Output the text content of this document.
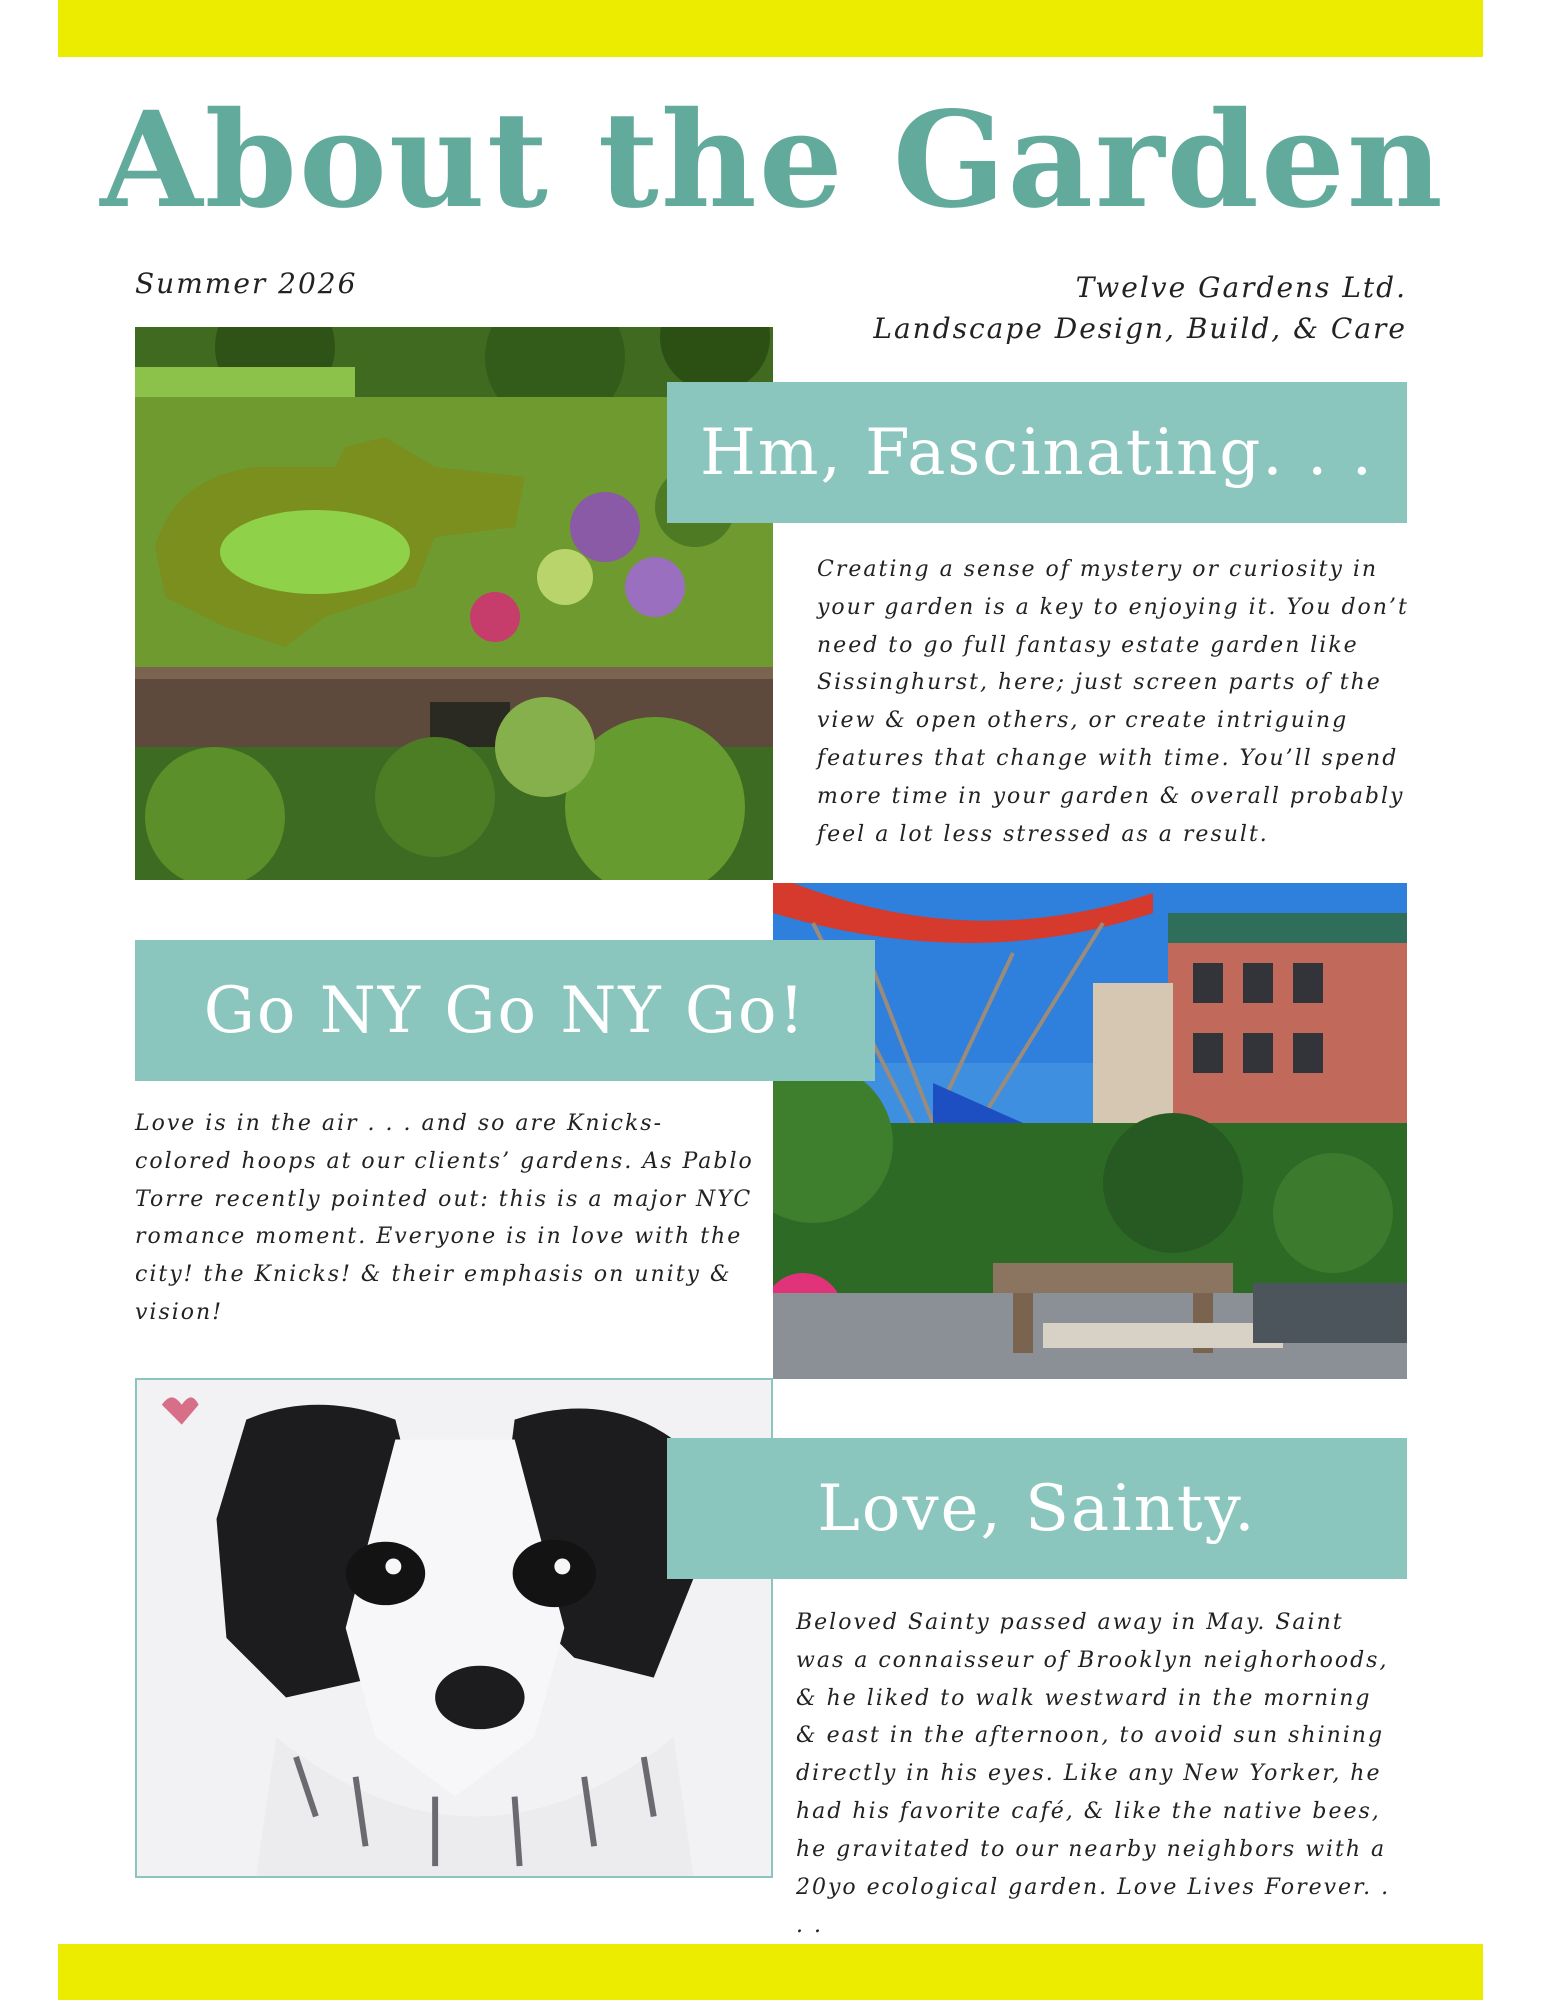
About the Garden
Summer 2026	Twelve Gardens Ltd.
Landscape Design, Build, & Care
Hm, Fascinating. . .

Creating a sense of mystery or curiosity in your garden is a key to enjoying it. You don’t need to go full fantasy estate garden like Sissinghurst, here; just screen parts of the view & open others, or create intriguing features that change with time. You’ll spend more time in your garden & overall probably feel a lot less stressed as a result.

Go NY Go NY Go!

Love is in the air . . . and so are Knicks-colored hoops at our clients’ gardens. As Pablo Torre recently pointed out: this is a major NYC romance moment. Everyone is in love with the city! the Knicks! & their emphasis on unity & vision!

Love, Sainty.

Beloved Sainty passed away in May. Saint was a connaisseur of Brooklyn neighorhoods, & he liked to walk westward in the morning & east in the afternoon, to avoid sun shining directly in his eyes. Like any New Yorker, he had his favorite café, & like the native bees, he gravitated to our nearby neighbors with a 20yo ecological garden. Love Lives Forever. . . .
